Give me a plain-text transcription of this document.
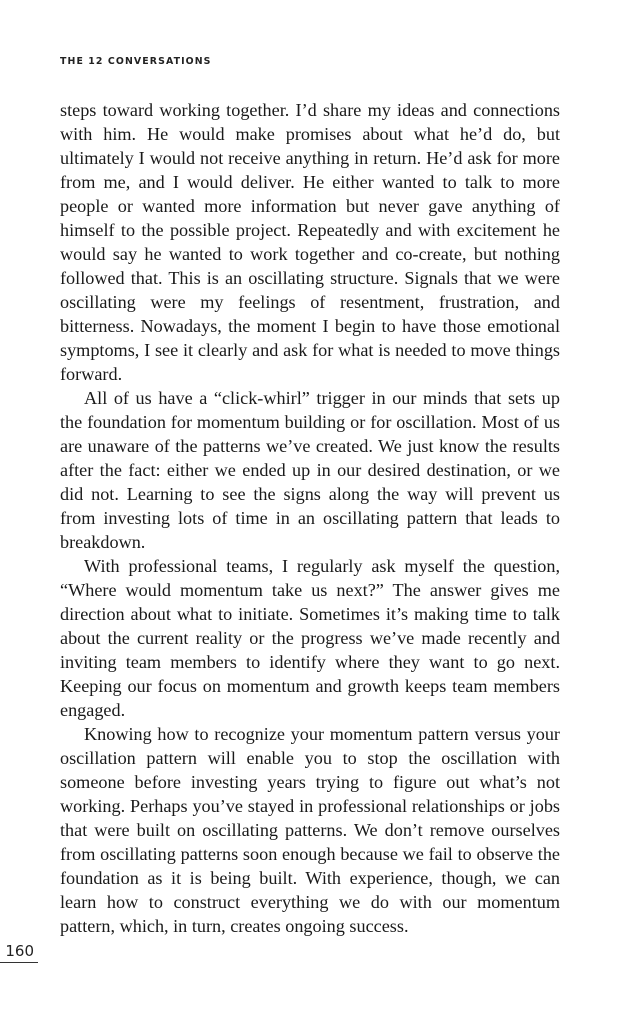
THE 12 CONVERSATIONS

steps toward working together. I’d share my ideas and connections with him. He would make promises about what he’d do, but ultimately I would not receive anything in return. He’d ask for more from me, and I would deliver. He either wanted to talk to more people or wanted more information but never gave anything of himself to the possible project. Repeatedly and with excitement he would say he wanted to work together and co-create, but nothing followed that. This is an oscillating structure. Signals that we were oscillating were my feelings of resentment, frustration, and bitterness. Nowadays, the moment I begin to have those emotional symptoms, I see it clearly and ask for what is needed to move things forward.

All of us have a “click-whirl” trigger in our minds that sets up the foundation for momentum building or for oscillation. Most of us are unaware of the patterns we’ve created. We just know the results after the fact: either we ended up in our desired destination, or we did not. Learning to see the signs along the way will prevent us from investing lots of time in an oscillating pattern that leads to breakdown.

With professional teams, I regularly ask myself the question, “Where would momentum take us next?” The answer gives me direction about what to initiate. Sometimes it’s making time to talk about the current reality or the progress we’ve made recently and inviting team members to identify where they want to go next. Keeping our focus on momentum and growth keeps team members engaged.

Knowing how to recognize your momentum pattern versus your oscillation pattern will enable you to stop the oscillation with someone before investing years trying to figure out what’s not working. Perhaps you’ve stayed in professional relationships or jobs that were built on oscillating patterns. We don’t remove ourselves from oscillating patterns soon enough because we fail to observe the foundation as it is being built. With experience, though, we can learn how to construct everything we do with our momentum pattern, which, in turn, creates ongoing success.

160
